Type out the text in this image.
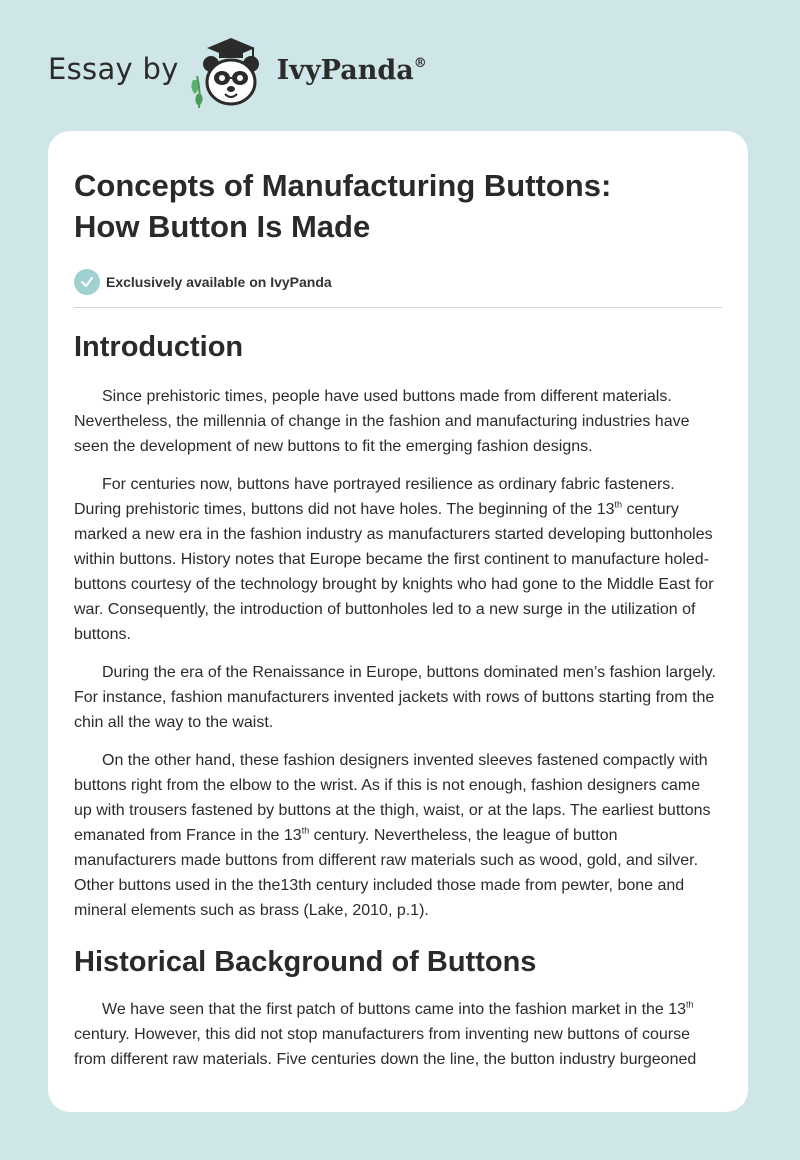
Essay by	IvyPanda®
Concepts of Manufacturing Buttons:
How Button Is Made
Exclusively available on IvyPanda
Introduction

Since prehistoric times, people have used buttons made from different materials. Nevertheless, the millennia of change in the fashion and manufacturing industries have seen the development of new buttons to fit the emerging fashion designs.

For centuries now, buttons have portrayed resilience as ordinary fabric fasteners. During prehistoric times, buttons did not have holes. The beginning of the 13th century marked a new era in the fashion industry as manufacturers started developing buttonholes within buttons. History notes that Europe became the first continent to manufacture holed-buttons courtesy of the technology brought by knights who had gone to the Middle East for war. Consequently, the introduction of buttonholes led to a new surge in the utilization of buttons.

During the era of the Renaissance in Europe, buttons dominated men’s fashion largely. For instance, fashion manufacturers invented jackets with rows of buttons starting from the chin all the way to the waist.

On the other hand, these fashion designers invented sleeves fastened compactly with buttons right from the elbow to the wrist. As if this is not enough, fashion designers came up with trousers fastened by buttons at the thigh, waist, or at the laps. The earliest buttons emanated from France in the 13th century. Nevertheless, the league of button manufacturers made buttons from different raw materials such as wood, gold, and silver. Other buttons used in the the13th century included those made from pewter, bone and mineral elements such as brass (Lake, 2010, p.1).

Historical Background of Buttons

We have seen that the first patch of buttons came into the fashion market in the 13th century. However, this did not stop manufacturers from inventing new buttons of course from different raw materials. Five centuries down the line, the button industry burgeoned
